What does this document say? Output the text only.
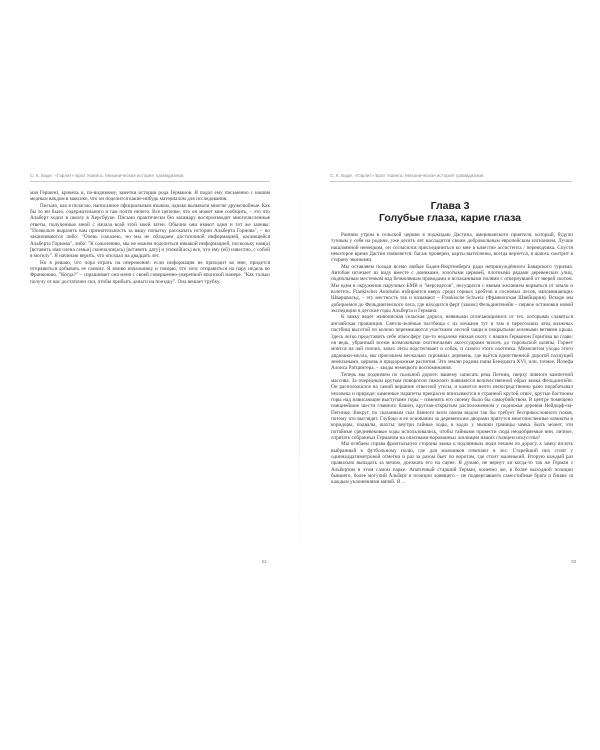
С. К. Баде. «Гарлит» Брат Ушинга. Механическая история травмдизмов

мая Гершен), кровель и, по-видимому, заметки истории рода Германов. Я подал ему письменно с нашим медным вакдом в максике, что он поделится какие-нибудь материалом для исследования.

Письмо, как я полагаю, написанное официальным языком, однако вызывали многие дружелюбные. Как бы то ни было, содержательного я там почти ничего. Все цепочке, что он может мне сообщить, – это что Альберт ходил в школу в Херсбруке. Письмо практически без кошмару воспроизводит многочисленные ответы, полученные мной с начала всей этой моей затеи. Обычно они имеют одни и тот же запевы: "Позвольте выразить вам признательность за вашу попытку рассказать истории Альберта Горнова", – но заканчиваются либо: "Очень сожалею, но мы не обладаем достаточной информацией, касающейся Альберта Горнова", либо: "К сожалению, мы не можем поделиться никакой информацией, поскольку нам(а) [вставить имя члена семьи] скончался(ась) [вставить дату] и упокой(ась) все, что ему (ей) известно, с собой в могилу". Я начинаю верить, что опоздал на двадцать лет.

Но я решаю, что пора играть на опережение: если информация не приходит ко мне, придется отправиться добывать ее самому. Я звоню начальнику и говорю, что хочу отправиться на пару недель во Франконию. "Когда?" – спрашивает она меня с своей совершенно-уверенной японской манере. "Как только получу от вас достаточно сил, чтобы прибыть деньги на поездку". Она вешает трубку.

51
С. К. Баде. «Гарлит» Брат Ушинга. Механическая история травмдизмов
Глава 3
Голубые глаза, карие глаза

Ранним утром в сельской церкви я поджидаю Дастина, американского приятеля, который, будучи тучным у себя на родине, уже десять лет насладится своим добровольным европейским изгнанием. Лучше нашлоянной немецким, он согласился присоединиться ко мне в качестве ассистента / переводчика. Спустя некоторое время Дастин появляется: багаж проверен, карты вытеснены, всегда верзется, я шаюсь смотрит в сторону звонкими.

Мы оставляем позади всемо любые Баден-Вюртемберга ради непринуждённого Баварского туризма. Автобан исчезает из виду вместе с домиками, золотыми церквей, плотными рядами деревенских улиц, подпольным местечком над безмолвным проводами и вспаханными полями с отвернувшей от зверей скотом. Мы едем в окружении наручных БМВ и "мерседесов", несущихся с явным желанием ворваться от земли и взлететь. Frankischer Autobahn избирается вверх среди горных хребтов и сосновых лесов, напоминающих Шварцвальд, – эту местность так и называют – Frankische Schweiz (Франконская Швейцария). Вскоре мы добираемся до Фельдингенского леса, где находится ферт (замок) Фельдингенейн – первое остановки новой экспедиции в детские годы Альберта и Германа.

К замку ведет живописная сельская дорога, неявными отличающимися от тех, которыми славиться английская провинция. Светло-зелёные пастбища с их кочками тут и там и пересохших ягод влажных пастбищ высотой по колено перемежаются участками лесной чащи и покрытыми зелеными ветвями крыш. Здесь легко представить себе атмосферу где-то недалеко низкая охоту с нашим Германом Горнгова во главе: он ведь, убранный всеми возможными охотничьими аксессуарами вплоть до тирольской шляпы, Горнет мчится на лай гончих, запах лесы подстегивает и собак, и самого этого охотника. Мимолетом уходы этого дядюшки-мелла, мы проезжаем несколько скромных деревень, где вьётся единственной дорогой пахнущей земельными, церковь и придорожные распятия. Это землю родина папы Бенедикта XVI, или, точнее, Йозефа Алоиса Ратцингера, – заиды немецкого воспоминания.

Теперь мы поднимем по скальной дороге: вашему записать река Пегниц, сверху ливного кампетной массива. За очередным крутым поворотом тяжелого появляется величественной образ замка Фельдингейн. Он расположился на самой вершине отвесной утесы, и кажется нечто непосредственно рано порабатывал человека и природе: каменные парапеты прекрасно вписываются в странной крутой отвес, крутые бастионы горы над нависающие выступами горы – изменять его своему было бы самоубийством. В центре помещено изящнейшие шести главного башен, круглая-открытым расположенном у подножья деревня Нейдорф-на-Пегнице. Вокруг, по сказанным сказ банного всем своим видом так бы требует бесприкословного покоя, потому что выглядят. Глубоко в ее основании за деревенским дворами прятутся многочисленные комнаты в коридоры, подвалы, шахты; внутри тайные ходы, в ходах у мышки границы замка. Быть может, эти потайные средневековые ходы использовались, чтобы тайными провести сюда неодобряемые вин, личное, спрятать собранных Германом на опасными-ворованных жилищем наших солнцем искусства?

Мы огибаем справа фронтальную стороны замка к подлинным люди пешим по дорогу, к замку вплоть выбранный к футбольному полю, где для мальчиков отвечают в лес. Старейший них стоят у одиннадцатиметровой отметки и раз за разом бьет по воротам, где стоит маленький. Вторую каждый раз правильно выпадать за мечом, доезжать его на сцене. Я думаю, не вернут ли когда-то так же Герман с Альбертом в этом самом парке. Апатичный старший Герман, конечно же, в более выходной позиции бывшего, более могучий Альберт в позиции ловящего – не подвергавшего самостийные брата и ближе за каждым уклонениями мячей. Я ...

33
